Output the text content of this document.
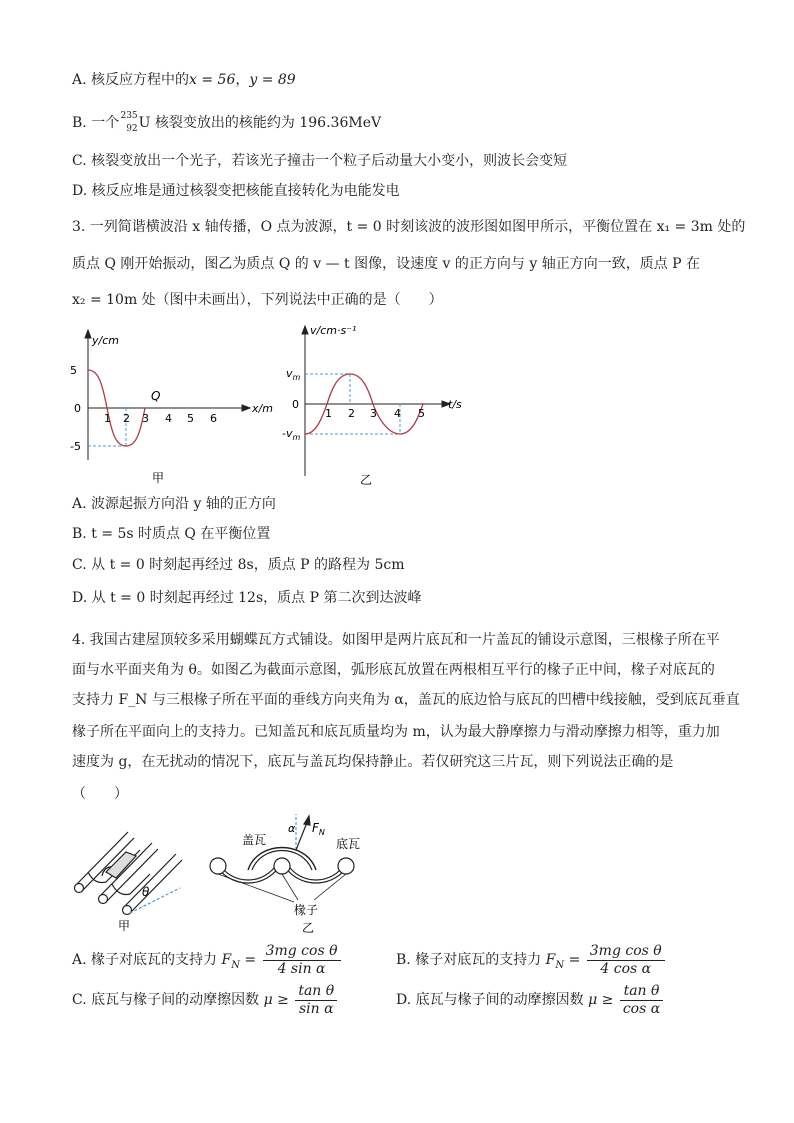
A. 核反应方程中的x = 56，y = 89
B. 一个 235
92 U 核裂变放出的核能约为 196.36MeV
C. 核裂变放出一个光子，若该光子撞击一个粒子后动量大小变小，则波长会变短
D. 核反应堆是通过核裂变把核能直接转化为电能发电
3. 一列简谐横波沿 x 轴传播，O 点为波源，t = 0 时刻该波的波形图如图甲所示，平衡位置在 x₁ = 3m 处的
质点 Q 刚开始振动，图乙为质点 Q 的 v — t 图像，设速度 v 的正方向与 y 轴正方向一致，质点 P 在
x₂ = 10m 处（图中未画出），下列说法中正确的是（　　）
y/cm
5
0
-5
1 2 3 4 5 6
Q
x/m
甲
v/cm·s⁻¹
$v_m$
0
$-v_m$
1 2 3 4 5
t/s
乙
A. 波源起振方向沿 y 轴的正方向
B. t = 5s 时质点 Q 在平衡位置
C. 从 t = 0 时刻起再经过 8s，质点 P 的路程为 5cm
D. 从 t = 0 时刻起再经过 12s，质点 P 第二次到达波峰
4. 我国古建屋顶较多采用蝴蝶瓦方式铺设。如图甲是两片底瓦和一片盖瓦的铺设示意图，三根椽子所在平
面与水平面夹角为 θ。如图乙为截面示意图，弧形底瓦放置在两根相互平行的椽子正中间，椽子对底瓦的
支持力 F_N 与三根椽子所在平面的垂线方向夹角为 α，盖瓦的底边恰与底瓦的凹槽中线接触，受到底瓦垂直
椽子所在平面向上的支持力。已知盖瓦和底瓦质量均为 m，认为最大静摩擦力与滑动摩擦力相等，重力加
速度为 g，在无扰动的情况下，底瓦与盖瓦均保持静止。若仅研究这三片瓦，则下列说法正确的是
（　　）
θ
甲
盖瓦	底瓦
α $F_N$
椽子
乙
A. 椽子对底瓦的支持力 $F_N = \frac{\text{3mg cos θ}}{\text{4 sin α}}$	B. 椽子对底瓦的支持力 $F_N = \frac{\text{3mg cos θ}}{\text{4 cos α}}$
C. 底瓦与椽子间的动摩擦因数 $\mu \ge \frac{\text{tan θ}}{\text{sin α}}$	D. 底瓦与椽子间的动摩擦因数 $\mu \ge \frac{\text{tan θ}}{\text{cos α}}$
